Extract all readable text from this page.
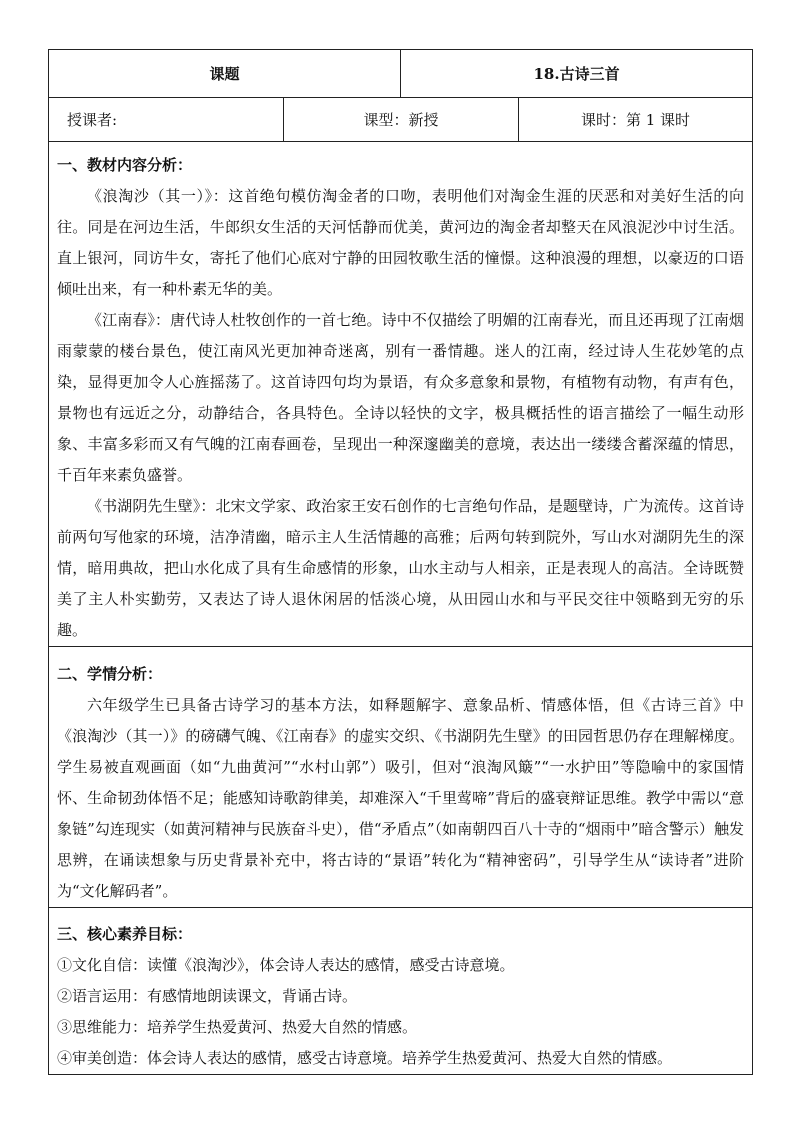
课题		18.古诗三首	
授课者:	课型：新授		课时：第 1 课时

一、教材内容分析：

《浪淘沙（其一）》：这首绝句模仿淘金者的口吻，表明他们对淘金生涯的厌恶和对美好生活的向往。同是在河边生活，牛郎织女生活的天河恬静而优美，黄河边的淘金者却整天在风浪泥沙中讨生活。直上银河，同访牛女，寄托了他们心底对宁静的田园牧歌生活的憧憬。这种浪漫的理想，以豪迈的口语倾吐出来，有一种朴素无华的美。

《江南春》：唐代诗人杜牧创作的一首七绝。诗中不仅描绘了明媚的江南春光，而且还再现了江南烟雨蒙蒙的楼台景色，使江南风光更加神奇迷离，别有一番情趣。迷人的江南，经过诗人生花妙笔的点染，显得更加令人心旌摇荡了。这首诗四句均为景语，有众多意象和景物，有植物有动物，有声有色，景物也有远近之分，动静结合，各具特色。全诗以轻快的文字，极具概括性的语言描绘了一幅生动形象、丰富多彩而又有气魄的江南春画卷，呈现出一种深邃幽美的意境，表达出一缕缕含蓄深蕴的情思，千百年来素负盛誉。

《书湖阴先生壁》：北宋文学家、政治家王安石创作的七言绝句作品，是题壁诗，广为流传。这首诗前两句写他家的环境，洁净清幽，暗示主人生活情趣的高雅；后两句转到院外，写山水对湖阴先生的深情，暗用典故，把山水化成了具有生命感情的形象，山水主动与人相亲，正是表现人的高洁。全诗既赞美了主人朴实勤劳，又表达了诗人退休闲居的恬淡心境，从田园山水和与平民交往中领略到无穷的乐趣。			

二、学情分析：

六年级学生已具备古诗学习的基本方法，如释题解字、意象品析、情感体悟，但《古诗三首》中《浪淘沙（其一）》的磅礴气魄、《江南春》的虚实交织、《书湖阴先生壁》的田园哲思仍存在理解梯度。学生易被直观画面（如“九曲黄河”“水村山郭”）吸引，但对“浪淘风簸”“一水护田”等隐喻中的家国情怀、生命韧劲体悟不足；能感知诗歌韵律美，却难深入“千里莺啼”背后的盛衰辩证思维。教学中需以“意象链”勾连现实（如黄河精神与民族奋斗史），借“矛盾点”（如南朝四百八十寺的“烟雨中”暗含警示）触发思辨，在诵读想象与历史背景补充中，将古诗的“景语”转化为“精神密码”，引导学生从“读诗者”进阶为“文化解码者”。			

三、核心素养目标：

①文化自信：读懂《浪淘沙》，体会诗人表达的感情，感受古诗意境。

②语言运用：有感情地朗读课文，背诵古诗。

③思维能力：培养学生热爱黄河、热爱大自然的情感。

④审美创造：体会诗人表达的感情，感受古诗意境。培养学生热爱黄河、热爱大自然的情感。			
